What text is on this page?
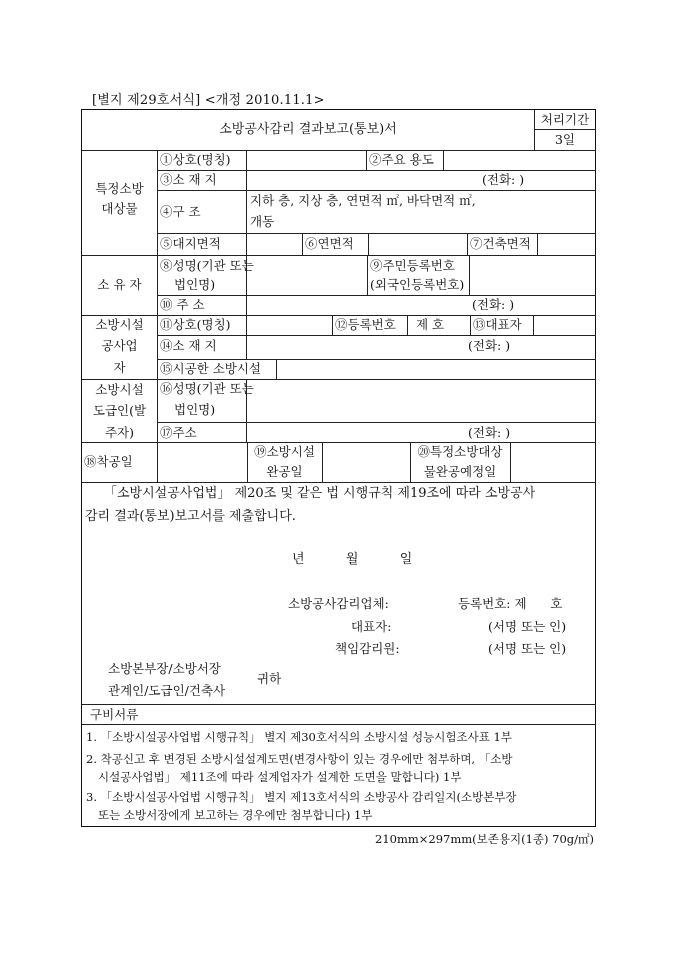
[별지 제29호서식] <개정 2010.11.1>
소방공사감리 결과보고(통보)서
처리기간
3일
특정소방
대상물
①상호(명칭)	②주요 용도
③소 재 지	(전화: )
④구 조
지하 층, 지상 층, 연면적 ㎡, 바닥면적 ㎡,
개동
⑤대지면적	⑥연면적	⑦건축면적
소 유 자
⑧성명(기관 또는
법인명)
⑨주민등록번호
(외국인등록번호)
⑩ 주 소	(전화: )
소방시설
공사업
자
⑪상호(명칭)	⑫등록번호 제 호 ⑬대표자
⑭소 재 지	(전화: )
⑮시공한 소방시설
소방시설
도급인(발
주자)
⑯성명(기관 또는
법인명)
⑰주소	(전화: )
⑱착공일
⑲소방시설
완공일
⑳특정소방대상
물완공예정일
「소방시설공사업법」 제20조 및 같은 법 시행규칙 제19조에 따라 소방공사
감리 결과(통보)보고서를 제출합니다.
년          월          일
소방공사감리업체:	등록번호: 제      호
대표자:	(서명 또는 인)
책임감리원:	(서명 또는 인)
소방본부장/소방서장
관계인/도급인/건축사
귀하
구비서류
1. 「소방시설공사업법 시행규칙」 별지 제30호서식의 소방시설 성능시험조사표 1부
2. 착공신고 후 변경된 소방시설설계도면(변경사항이 있는 경우에만 첨부하며, 「소방
시설공사업법」 제11조에 따라 설계업자가 설계한 도면을 말합니다) 1부
3. 「소방시설공사업법 시행규칙」 별지 제13호서식의 소방공사 감리일지(소방본부장
또는 소방서장에게 보고하는 경우에만 첨부합니다) 1부
210mm×297mm(보존용지(1종) 70g/㎡)
